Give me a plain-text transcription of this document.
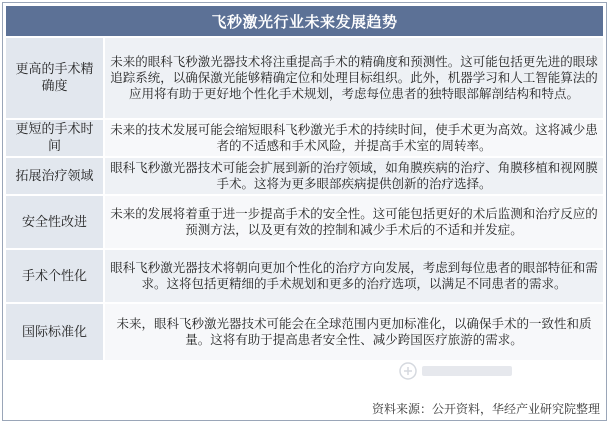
飞秒激光行业未来发展趋势
更高的手术精确度
未来的眼科飞秒激光器技术将注重提高手术的精确度和预测性。这可能包括更先进的眼球追踪系统，以确保激光能够精确定位和处理目标组织。此外，机器学习和人工智能算法的应用将有助于更好地个性化手术规划，考虑每位患者的独特眼部解剖结构和特点。
更短的手术时间
未来的技术发展可能会缩短眼科飞秒激光手术的持续时间，使手术更为高效。这将减少患者的不适感和手术风险，并提高手术室的周转率。
拓展治疗领域
眼科飞秒激光器技术可能会扩展到新的治疗领域，如角膜疾病的治疗、角膜移植和视网膜手术。这将为更多眼部疾病提供创新的治疗选择。
安全性改进
未来的发展将着重于进一步提高手术的安全性。这可能包括更好的术后监测和治疗反应的预测方法，以及更有效的控制和减少手术后的不适和并发症。
手术个性化
眼科飞秒激光器技术将朝向更加个性化的治疗方向发展，考虑到每位患者的眼部特征和需求。这将包括更精细的手术规划和更多的治疗选项，以满足不同患者的需求。
国际标准化
未来，眼科飞秒激光器技术可能会在全球范围内更加标准化，以确保手术的一致性和质量。这将有助于提高患者安全性、减少跨国医疗旅游的需求。
资料来源：公开资料，华经产业研究院整理
